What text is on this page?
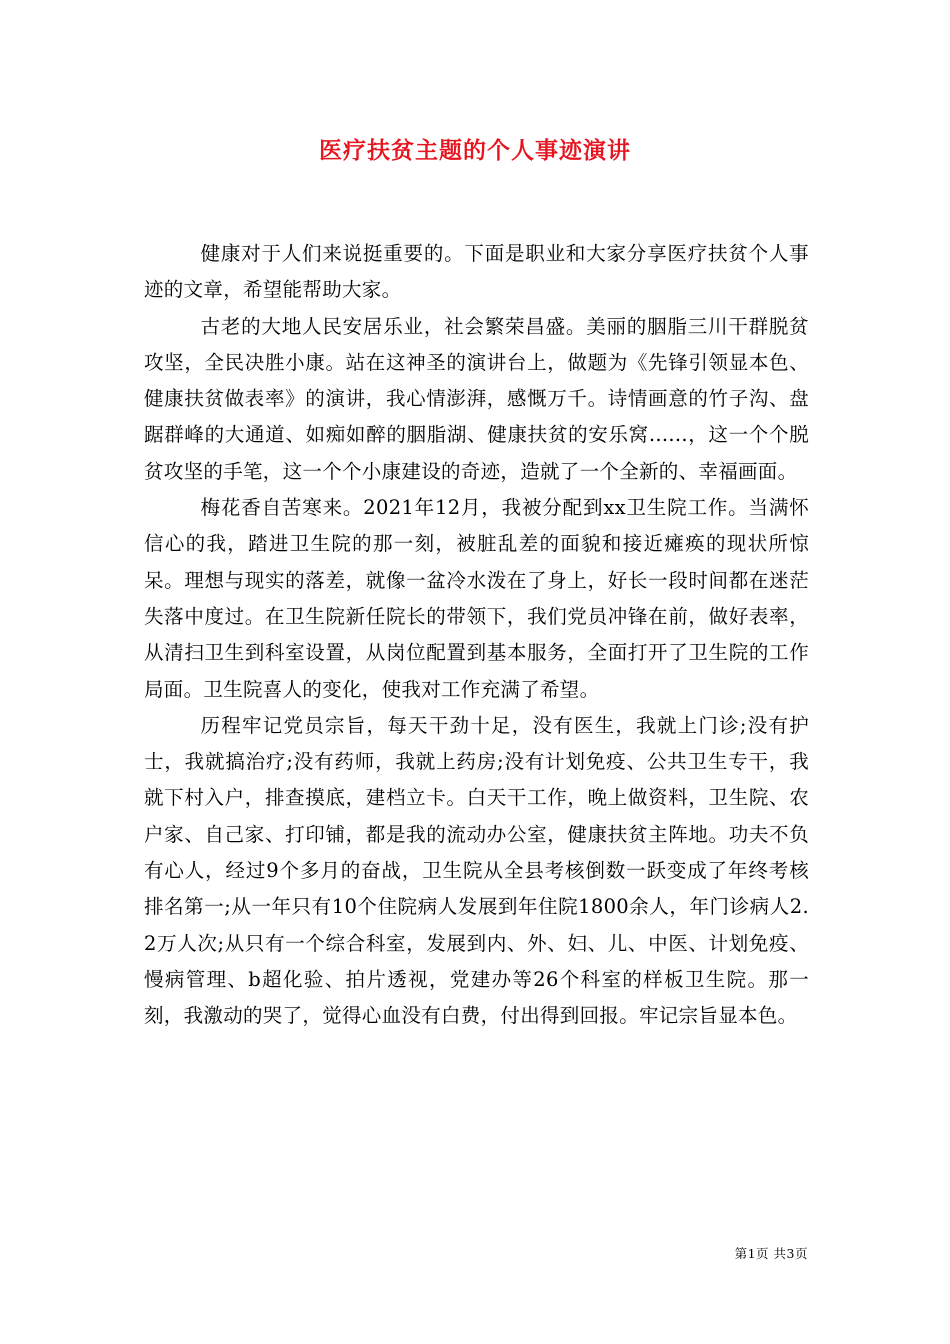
医疗扶贫主题的个人事迹演讲

健康对于人们来说挺重要的。下面是职业和大家分享医疗扶贫个人事迹的文章，希望能帮助大家。

古老的大地人民安居乐业，社会繁荣昌盛。美丽的胭脂三川干群脱贫攻坚，全民决胜小康。站在这神圣的演讲台上，做题为《先锋引领显本色、健康扶贫做表率》的演讲，我心情澎湃，感慨万千。诗情画意的竹子沟、盘踞群峰的大通道、如痴如醉的胭脂湖、健康扶贫的安乐窝......，这一个个脱贫攻坚的手笔，这一个个小康建设的奇迹，造就了一个全新的、幸福画面。

梅花香自苦寒来。2021年12月，我被分配到xx卫生院工作。当满怀信心的我，踏进卫生院的那一刻，被脏乱差的面貌和接近瘫痪的现状所惊呆。理想与现实的落差，就像一盆冷水泼在了身上，好长一段时间都在迷茫失落中度过。在卫生院新任院长的带领下，我们党员冲锋在前，做好表率，从清扫卫生到科室设置，从岗位配置到基本服务，全面打开了卫生院的工作局面。卫生院喜人的变化，使我对工作充满了希望。

历程牢记党员宗旨，每天干劲十足，没有医生，我就上门诊;没有护士，我就搞治疗;没有药师，我就上药房;没有计划免疫、公共卫生专干，我就下村入户，排查摸底，建档立卡。白天干工作，晚上做资料，卫生院、农户家、自己家、打印铺，都是我的流动办公室，健康扶贫主阵地。功夫不负有心人，经过9个多月的奋战，卫生院从全县考核倒数一跃变成了年终考核排名第一;从一年只有10个住院病人发展到年住院1800余人，年门诊病人2.2万人次;从只有一个综合科室，发展到内、外、妇、儿、中医、计划免疫、慢病管理、b超化验、拍片透视，党建办等26个科室的样板卫生院。那一刻，我激动的哭了，觉得心血没有白费，付出得到回报。牢记宗旨显本色。

第1页 共3页
